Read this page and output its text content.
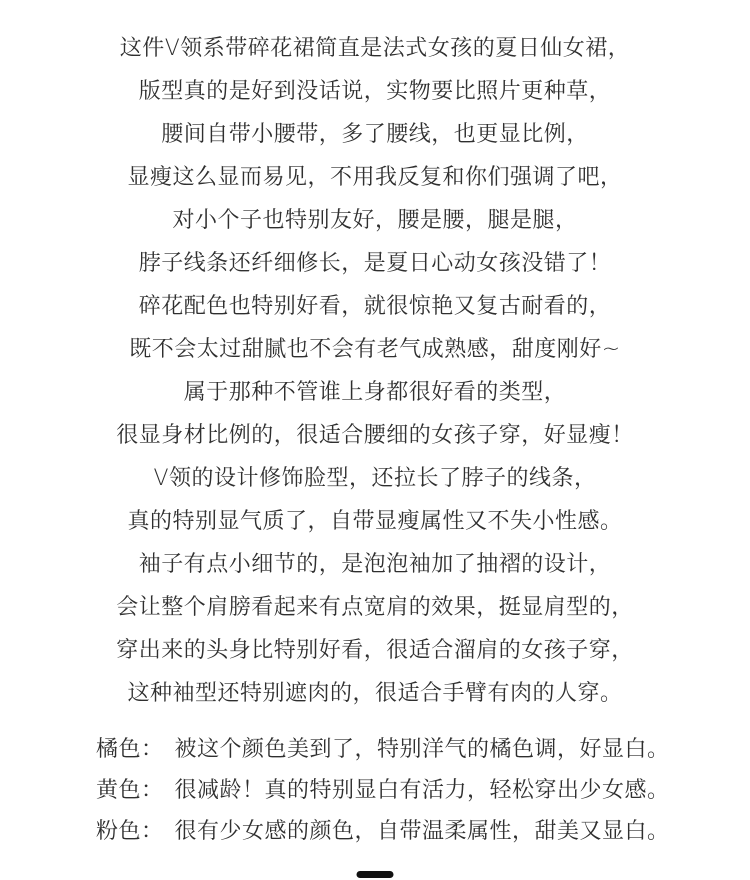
这件V领系带碎花裙简直是法式女孩的夏日仙女裙，
版型真的是好到没话说，实物要比照片更种草，
腰间自带小腰带，多了腰线，也更显比例，
显瘦这么显而易见，不用我反复和你们强调了吧，
对小个子也特别友好，腰是腰，腿是腿，
脖子线条还纤细修长，是夏日心动女孩没错了！
碎花配色也特别好看，就很惊艳又复古耐看的，
既不会太过甜腻也不会有老气成熟感，甜度刚好~
属于那种不管谁上身都很好看的类型，
很显身材比例的，很适合腰细的女孩子穿，好显瘦！
V领的设计修饰脸型，还拉长了脖子的线条，
真的特别显气质了，自带显瘦属性又不失小性感。
袖子有点小细节的，是泡泡袖加了抽褶的设计，
会让整个肩膀看起来有点宽肩的效果，挺显肩型的，
穿出来的头身比特别好看，很适合溜肩的女孩子穿，
这种袖型还特别遮肉的，很适合手臂有肉的人穿。
橘色： 被这个颜色美到了，特别洋气的橘色调，好显白。
黄色： 很减龄！真的特别显白有活力，轻松穿出少女感。
粉色： 很有少女感的颜色，自带温柔属性，甜美又显白。
